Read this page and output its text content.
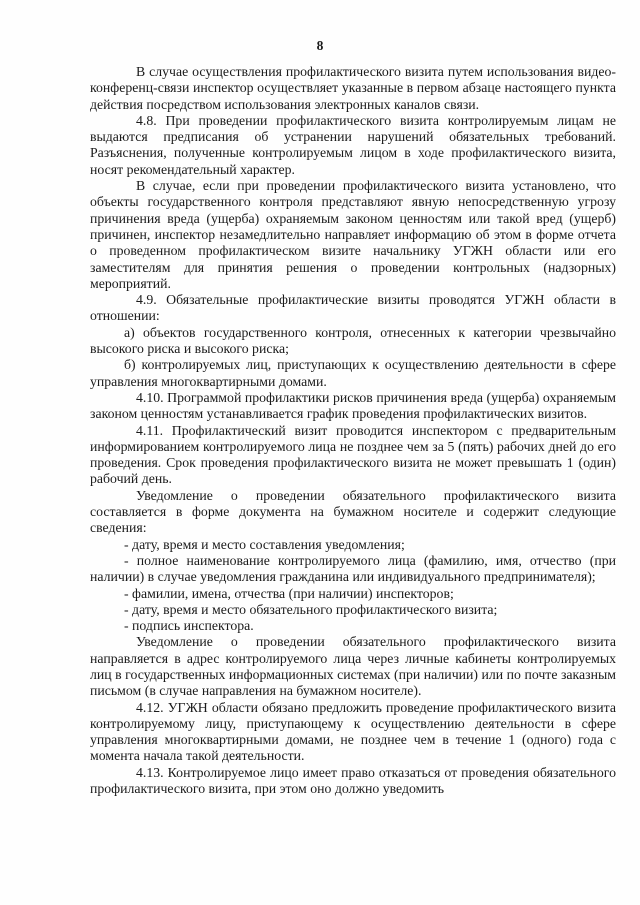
8

В случае осуществления профилактического визита путем использования видео-конференц-связи инспектор осуществляет указанные в первом абзаце настоящего пункта действия посредством использования электронных каналов связи.

4.8. При проведении профилактического визита контролируемым лицам не выдаются предписания об устранении нарушений обязательных требований. Разъяснения, полученные контролируемым лицом в ходе профилактического визита, носят рекомендательный характер.

В случае, если при проведении профилактического визита установлено, что объекты государственного контроля представляют явную непосредственную угрозу причинения вреда (ущерба) охраняемым законом ценностям или такой вред (ущерб) причинен, инспектор незамедлительно направляет информацию об этом в форме отчета о проведенном профилактическом визите начальнику УГЖН области или его заместителям для принятия решения о проведении контрольных (надзорных) мероприятий.

4.9. Обязательные профилактические визиты проводятся УГЖН области в отношении:

а) объектов государственного контроля, отнесенных к категории чрезвычайно высокого риска и высокого риска;

б) контролируемых лиц, приступающих к осуществлению деятельности в сфере управления многоквартирными домами.

4.10. Программой профилактики рисков причинения вреда (ущерба) охраняемым законом ценностям устанавливается график проведения профилактических визитов.

4.11. Профилактический визит проводится инспектором с предварительным информированием контролируемого лица не позднее чем за 5 (пять) рабочих дней до его проведения. Срок проведения профилактического визита не может превышать 1 (один) рабочий день.

Уведомление о проведении обязательного профилактического визита составляется в форме документа на бумажном носителе и содержит следующие сведения:

- дату, время и место составления уведомления;

- полное наименование контролируемого лица (фамилию, имя, отчество (при наличии) в случае уведомления гражданина или индивидуального предпринимателя);

- фамилии, имена, отчества (при наличии) инспекторов;

- дату, время и место обязательного профилактического визита;

- подпись инспектора.

Уведомление о проведении обязательного профилактического визита направляется в адрес контролируемого лица через личные кабинеты контролируемых лиц в государственных информационных системах (при наличии) или по почте заказным письмом (в случае направления на бумажном носителе).

4.12. УГЖН области обязано предложить проведение профилактического визита контролируемому лицу, приступающему к осуществлению деятельности в сфере управления многоквартирными домами, не позднее чем в течение 1 (одного) года с момента начала такой деятельности.

4.13. Контролируемое лицо имеет право отказаться от проведения обязательного профилактического визита, при этом оно должно уведомить
